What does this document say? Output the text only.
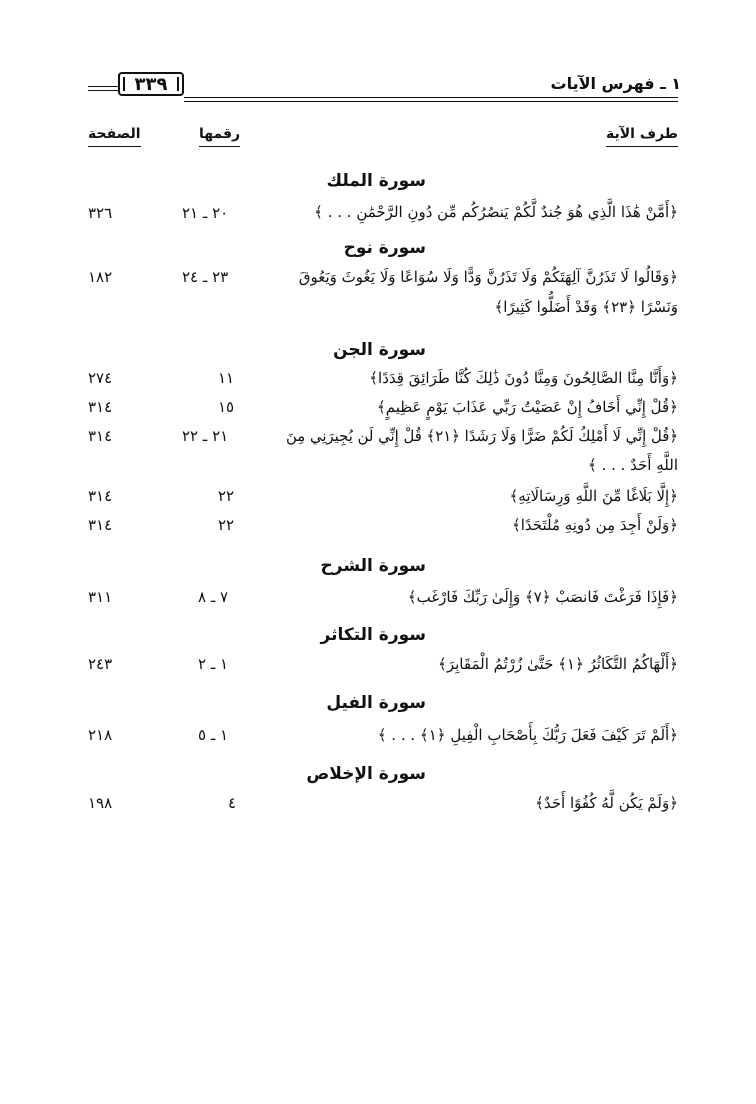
١ ـ فهرس الآيات
٣٣٩
طرف الآية
رقمها
الصفحة
سورة الملك
﴿أَمَّنْ هَٰذَا الَّذِي هُوَ جُندٌ لَّكُمْ يَنصُرُكُم مِّن دُونِ الرَّحْمَٰنِ . . . ﴾
٢٠ ـ ٢١
٣٢٦
سورة نوح
﴿وَقَالُوا لَا تَذَرُنَّ آلِهَتَكُمْ وَلَا تَذَرُنَّ وَدًّا وَلَا سُوَاعًا وَلَا يَغُوثَ وَيَعُوقَ
٢٣ ـ ٢٤
١٨٢
وَنَسْرًا ﴿٢٣﴾ وَقَدْ أَضَلُّوا كَثِيرًا﴾
سورة الجن
﴿وَأَنَّا مِنَّا الصَّالِحُونَ وَمِنَّا دُونَ ذَٰلِكَ كُنَّا طَرَائِقَ قِدَدًا﴾
١١
٢٧٤
﴿قُلْ إِنِّي أَخَافُ إِنْ عَصَيْتُ رَبِّي عَذَابَ يَوْمٍ عَظِيمٍ﴾
١٥
٣١٤
﴿قُلْ إِنِّي لَا أَمْلِكُ لَكُمْ ضَرًّا وَلَا رَشَدًا ﴿٢١﴾ قُلْ إِنِّي لَن يُجِيرَنِي مِنَ
٢١ ـ ٢٢
٣١٤
اللَّهِ أَحَدٌ . . . ﴾
﴿إِلَّا بَلَاغًا مِّنَ اللَّهِ وَرِسَالَاتِهِ﴾
٢٢
٣١٤
﴿وَلَنْ أَجِدَ مِن دُونِهِ مُلْتَحَدًا﴾
٢٢
٣١٤
سورة الشرح
﴿فَإِذَا فَرَغْتَ فَانصَبْ ﴿٧﴾ وَإِلَىٰ رَبِّكَ فَارْغَب﴾
٧ ـ ٨
٣١١
سورة التكاثر
﴿أَلْهَاكُمُ التَّكَاثُرُ ﴿١﴾ حَتَّىٰ زُرْتُمُ الْمَقَابِرَ﴾
١ ـ ٢
٢٤٣
سورة الفيل
﴿أَلَمْ تَرَ كَيْفَ فَعَلَ رَبُّكَ بِأَصْحَابِ الْفِيلِ ﴿١﴾ . . . ﴾
١ ـ ٥
٢١٨
سورة الإخلاص
﴿وَلَمْ يَكُن لَّهُ كُفُوًا أَحَدٌ﴾
٤
١٩٨
